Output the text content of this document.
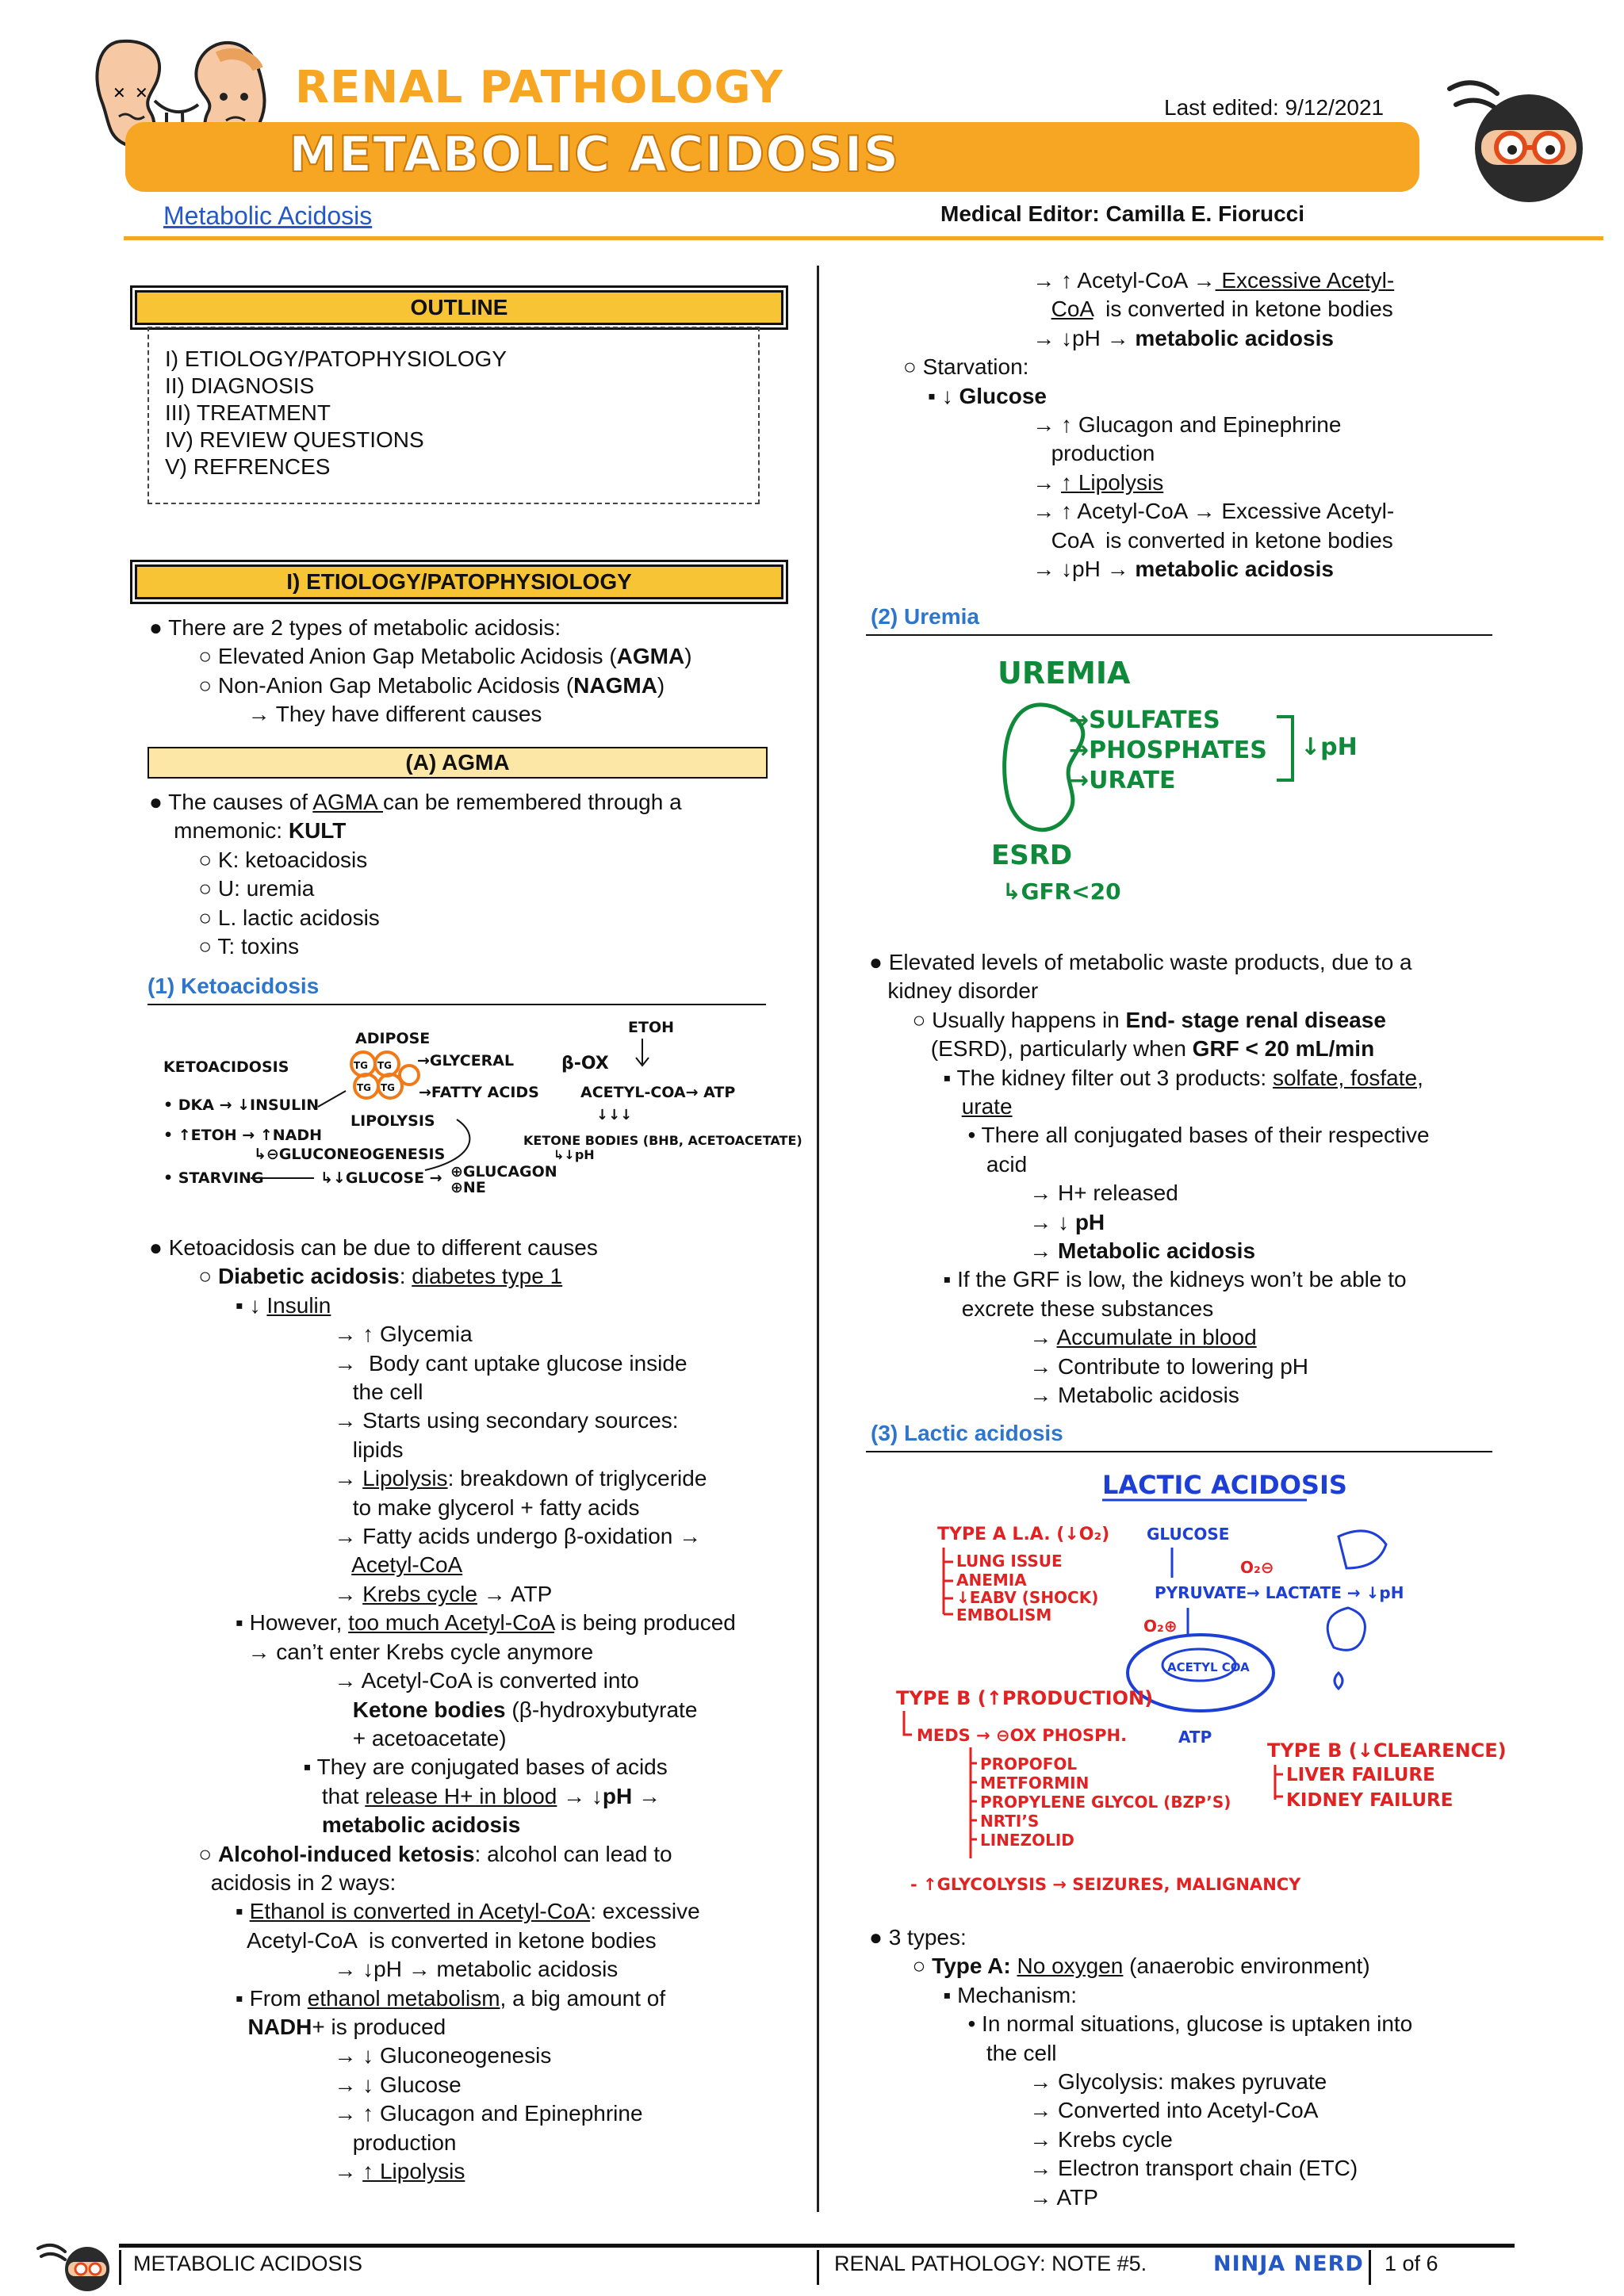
✕ ✕	RENAL PATHOLOGY
METABOLIC ACIDOSIS
Last edited: 9/12/2021
Metabolic Acidosis	Medical Editor: Camilla E. Fiorucci
OUTLINE
I) ETIOLOGY/PATOPHYSIOLOGY
II) DIAGNOSIS
III) TREATMENT
IV) REVIEW QUESTIONS
V) REFRENCES
I) ETIOLOGY/PATOPHYSIOLOGY
● There are 2 types of metabolic acidosis:
○ Elevated Anion Gap Metabolic Acidosis (AGMA)
○ Non-Anion Gap Metabolic Acidosis (NAGMA)
→ They have different causes
(A) AGMA
● The causes of AGMA can be remembered through a
mnemonic: KULT
○ K: ketoacidosis
○ U: uremia
○ L. lactic acidosis
○ T: toxins
(1) Ketoacidosis
KETOACIDOSIS
• DKA → ↓INSULIN
• ↑ETOH → ↑NADH
↳⊖GLUCONEOGENESIS
• STARVING	↳↓GLUCOSE → ⊕GLUCAGON
⊕NE
ADIPOSE
TG TG
TG TG
LIPOLYSIS
→GLYCERAL
→FATTY ACIDS
β-OX
ACETYL-COA→ ATP
ETOH
↓↓↓
KETONE BODIES (BHB, ACETOACETATE)
↳↓pH
● Ketoacidosis can be due to different causes
○ Diabetic acidosis: diabetes type 1
▪ ↓ Insulin
→ ↑ Glycemia
→  Body cant uptake glucose inside
the cell
→ Starts using secondary sources:
lipids
→ Lipolysis: breakdown of triglyceride
to make glycerol + fatty acids
→ Fatty acids undergo β-oxidation →
Acetyl-CoA
→ Krebs cycle → ATP
▪ However, too much Acetyl-CoA is being produced
→ can’t enter Krebs cycle anymore
→ Acetyl-CoA is converted into
Ketone bodies (β-hydroxybutyrate
+ acetoacetate)
▪ They are conjugated bases of acids
that release H+ in blood → ↓pH →
metabolic acidosis
○ Alcohol-induced ketosis: alcohol can lead to
acidosis in 2 ways:
▪ Ethanol is converted in Acetyl-CoA: excessive
Acetyl-CoA  is converted in ketone bodies
→ ↓pH → metabolic acidosis
▪ From ethanol metabolism, a big amount of
NADH+ is produced
→ ↓ Gluconeogenesis
→ ↓ Glucose
→ ↑ Glucagon and Epinephrine
production
→ ↑ Lipolysis
→ ↑ Acetyl-CoA → Excessive Acetyl-
CoA  is converted in ketone bodies
→ ↓pH → metabolic acidosis
○ Starvation:
▪ ↓ Glucose
→ ↑ Glucagon and Epinephrine
production
→ ↑ Lipolysis
→ ↑ Acetyl-CoA → Excessive Acetyl-
CoA  is converted in ketone bodies
→ ↓pH → metabolic acidosis
(2) Uremia
UREMIA
→SULFATES
→PHOSPHATES
→URATE
↓pH
ESRD
↳GFR<20
● Elevated levels of metabolic waste products, due to a
kidney disorder
○ Usually happens in End- stage renal disease
(ESRD), particularly when GRF < 20 mL/min
▪ The kidney filter out 3 products: solfate, fosfate,
urate
• There all conjugated bases of their respective
acid
→ H+ released
→ ↓ pH
→ Metabolic acidosis
▪ If the GRF is low, the kidneys won’t be able to
excrete these substances
→ Accumulate in blood
→ Contribute to lowering pH
→ Metabolic acidosis
(3) Lactic acidosis
LACTIC ACIDOSIS
TYPE A L.A. (↓O₂)
LUNG ISSUE
ANEMIA
↓EABV (SHOCK)
EMBOLISM
GLUCOSE
PYRUVATE → LACTATE → ↓pH
ACETYL COA
ATP
O₂⊖
O₂⊕
TYPE B (↑PRODUCTION)
MEDS → ⊖OX PHOSPH.
PROPOFOL
METFORMIN
PROPYLENE GLYCOL (BZP’S)
NRTI’S
LINEZOLID
- ↑GLYCOLYSIS → SEIZURES, MALIGNANCY
TYPE B (↓CLEARENCE)
LIVER FAILURE
KIDNEY FAILURE
● 3 types:
○ Type A: No oxygen (anaerobic environment)
▪ Mechanism:
• In normal situations, glucose is uptaken into
the cell
→ Glycolysis: makes pyruvate
→ Converted into Acetyl-CoA
→ Krebs cycle
→ Electron transport chain (ETC)
→ ATP
METABOLIC ACIDOSIS	RENAL PATHOLOGY: NOTE #5.	NINJA NERD 1 of 6
